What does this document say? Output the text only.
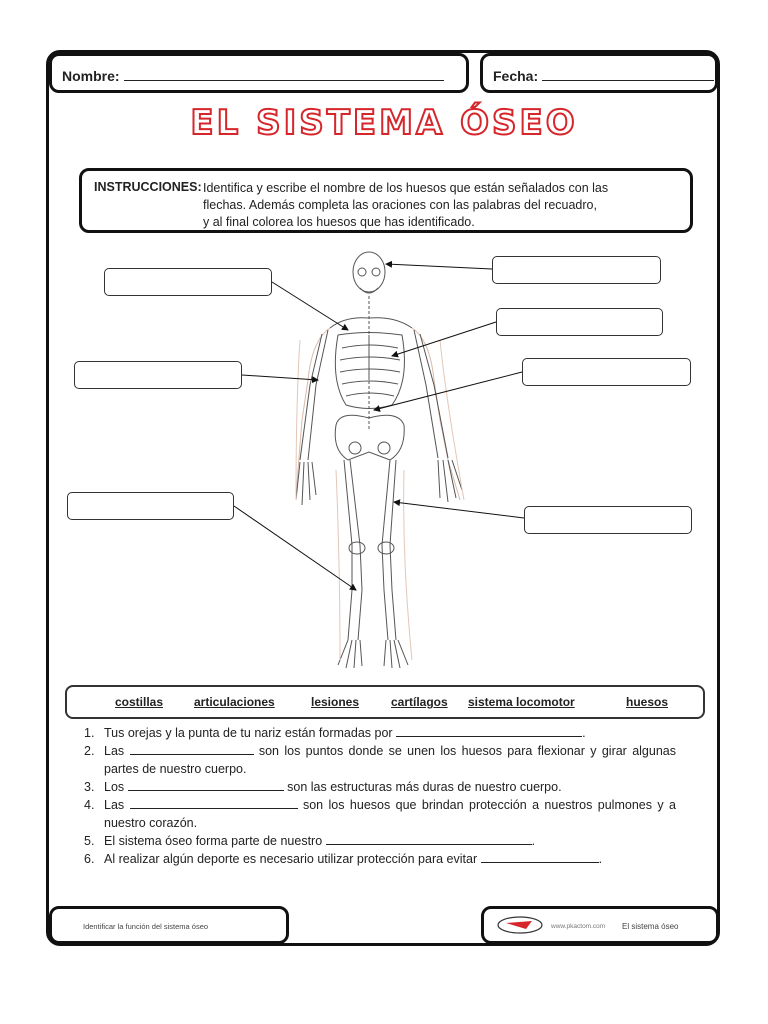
Nombre:	Fecha:
EL SISTEMA ÓSEO
INSTRUCCIONES: Identifica y escribe el nombre de los huesos que están señalados con las
flechas. Además completa las oraciones con las palabras del recuadro,
y al final colorea los huesos que has identificado.
costillas	articulaciones	lesiones	cartílagos sistema locomotor	huesos
1. Tus orejas y la punta de tu nariz están formadas por	.
2. Las	son los puntos donde se unen los huesos para flexionar y girar algunas partes de nuestro cuerpo.
3. Los	son las estructuras más duras de nuestro cuerpo.
4. Las	son los huesos que brindan protección a nuestros pulmones y a nuestro corazón.
5. El sistema óseo forma parte de nuestro	.
6. Al realizar algún deporte es necesario utilizar protección para evitar	.
Identificar la función del sistema óseo	www.pkactom.com El sistema óseo
